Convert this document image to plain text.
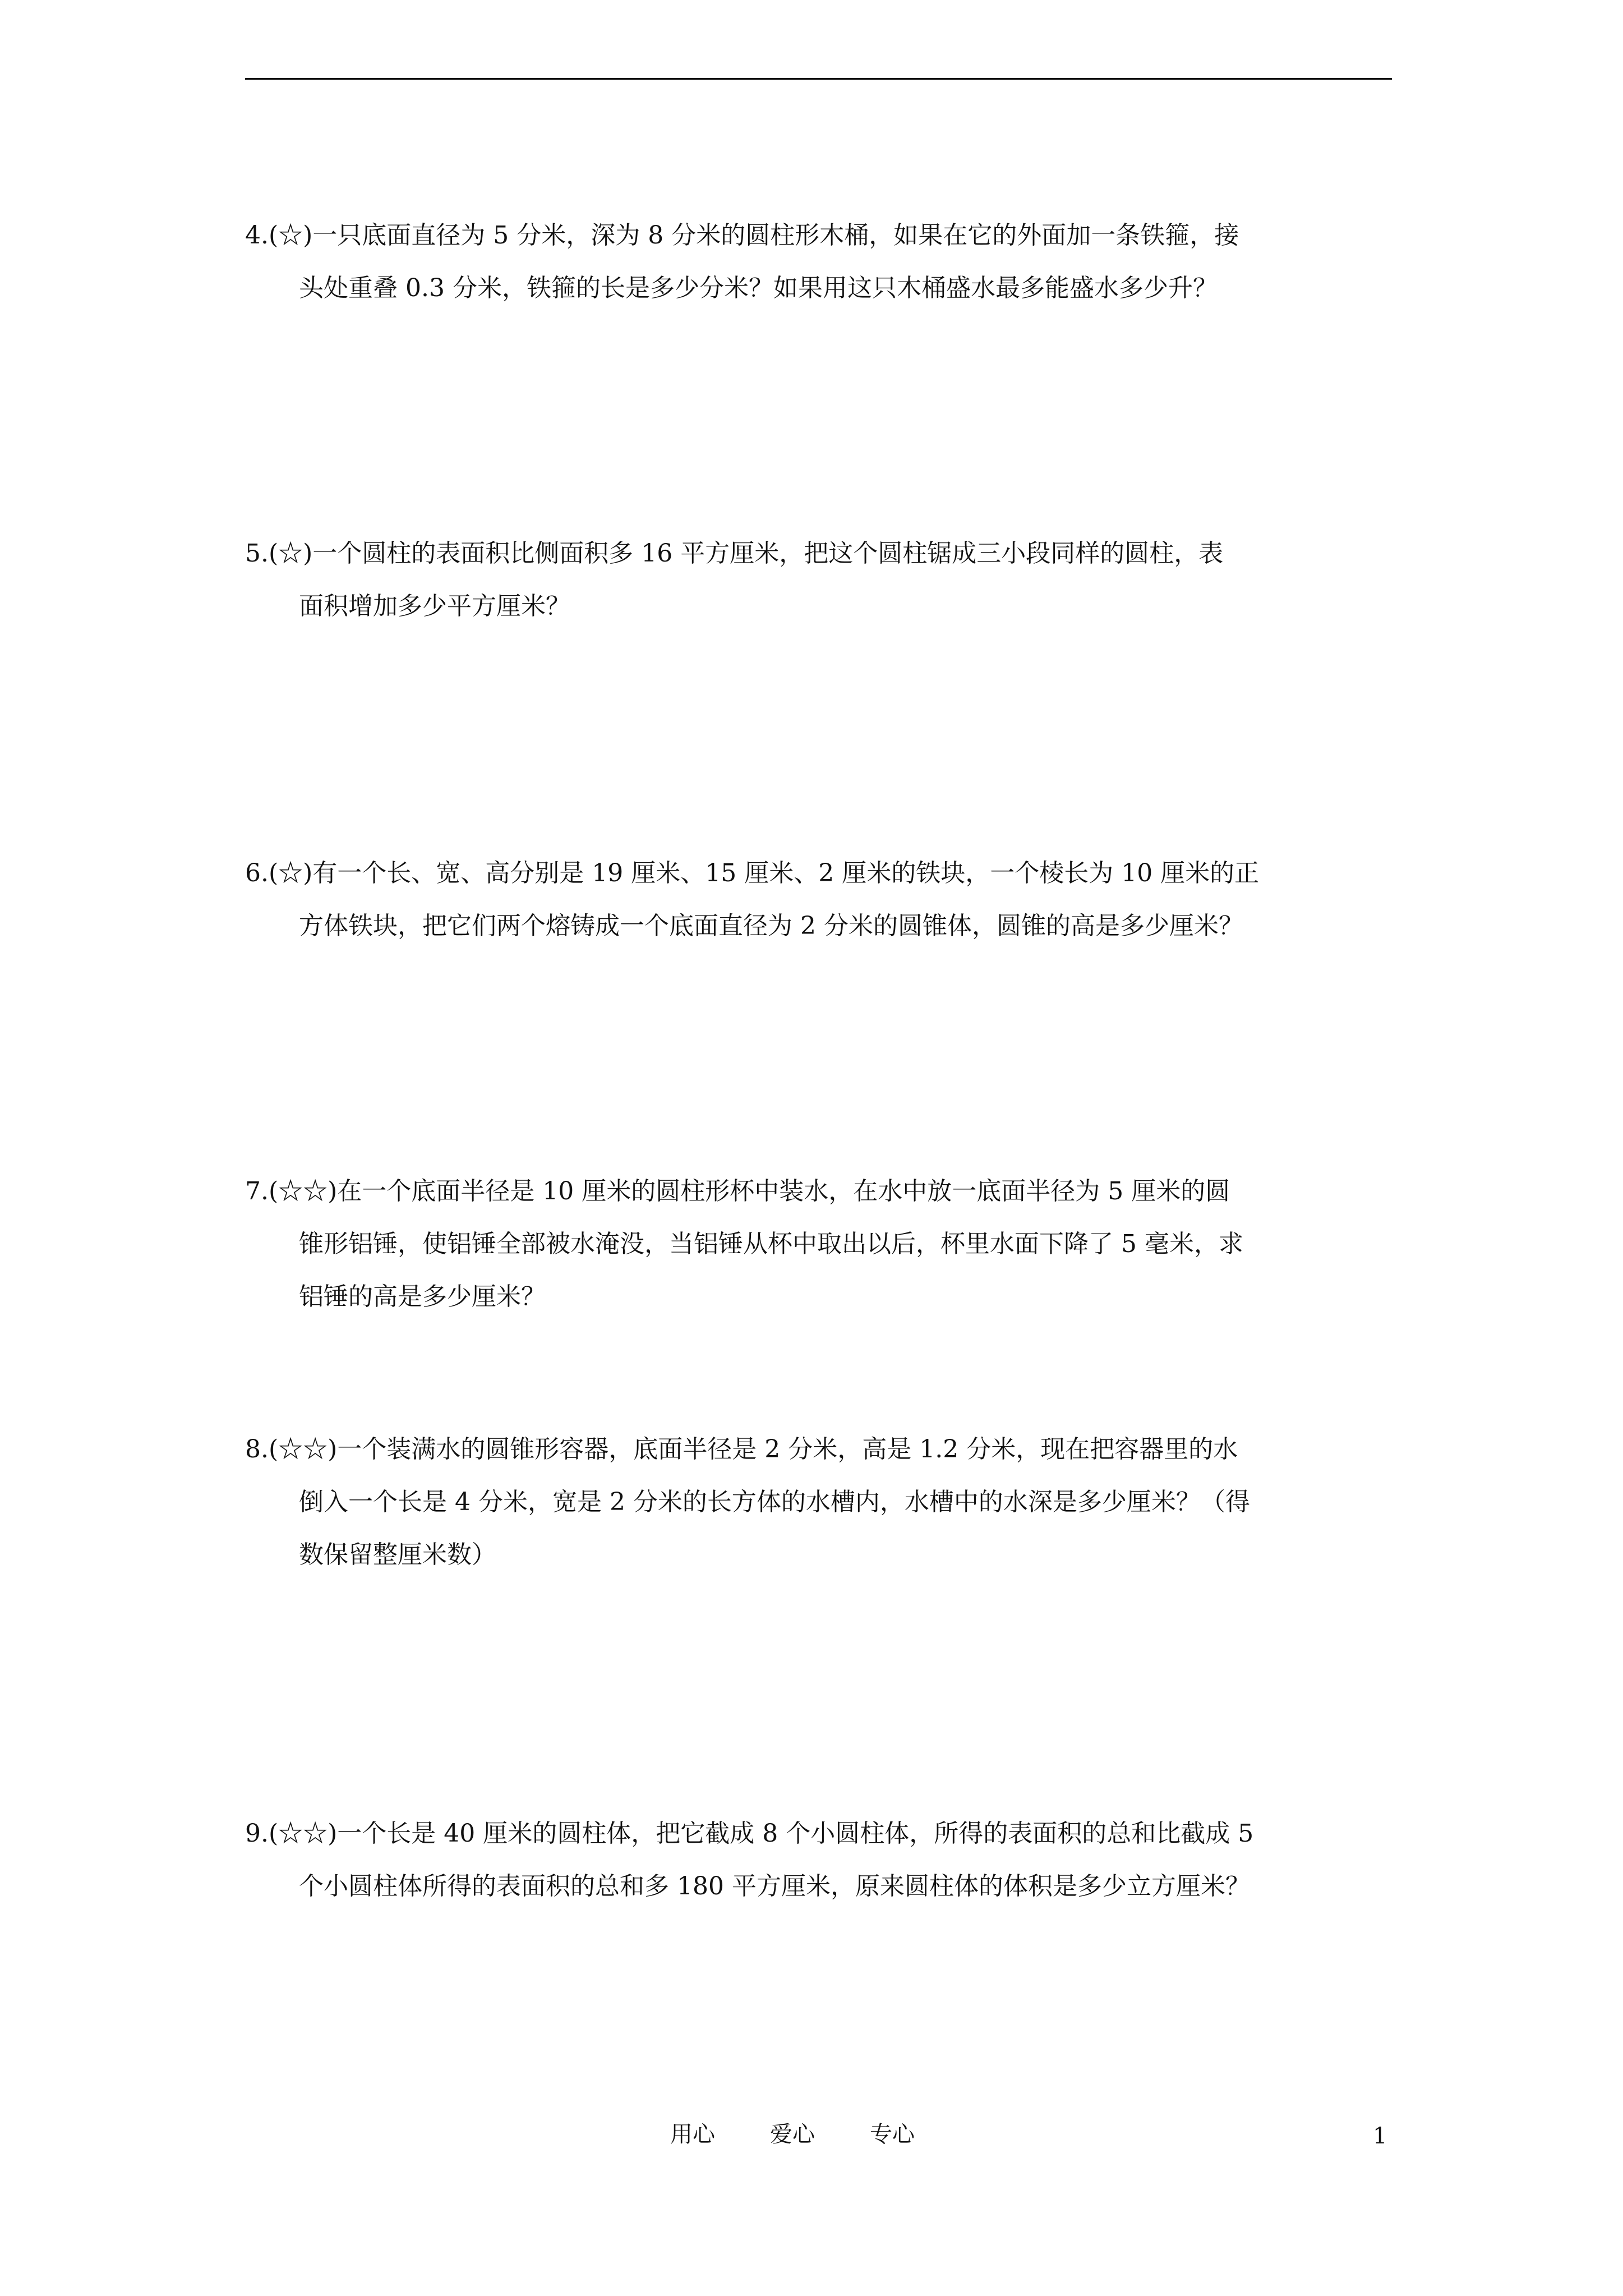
4.(☆)一只底面直径为 5 分米，深为 8 分米的圆柱形木桶，如果在它的外面加一条铁箍，接
头处重叠 0.3 分米，铁箍的长是多少分米？如果用这只木桶盛水最多能盛水多少升？
5.(☆)一个圆柱的表面积比侧面积多 16 平方厘米，把这个圆柱锯成三小段同样的圆柱，表
面积增加多少平方厘米？
6.(☆)有一个长、宽、高分别是 19 厘米、15 厘米、2 厘米的铁块，一个棱长为 10 厘米的正
方体铁块，把它们两个熔铸成一个底面直径为 2 分米的圆锥体，圆锥的高是多少厘米？
7.(☆☆)在一个底面半径是 10 厘米的圆柱形杯中装水，在水中放一底面半径为 5 厘米的圆
锥形铝锤，使铝锤全部被水淹没，当铝锤从杯中取出以后，杯里水面下降了 5 毫米，求
铝锤的高是多少厘米？
8.(☆☆)一个装满水的圆锥形容器，底面半径是 2 分米，高是 1.2 分米，现在把容器里的水
倒入一个长是 4 分米，宽是 2 分米的长方体的水槽内，水槽中的水深是多少厘米？（得
数保留整厘米数）
9.(☆☆)一个长是 40 厘米的圆柱体，把它截成 8 个小圆柱体，所得的表面积的总和比截成 5
个小圆柱体所得的表面积的总和多 180 平方厘米，原来圆柱体的体积是多少立方厘米？
用心 爱心 专心	1
